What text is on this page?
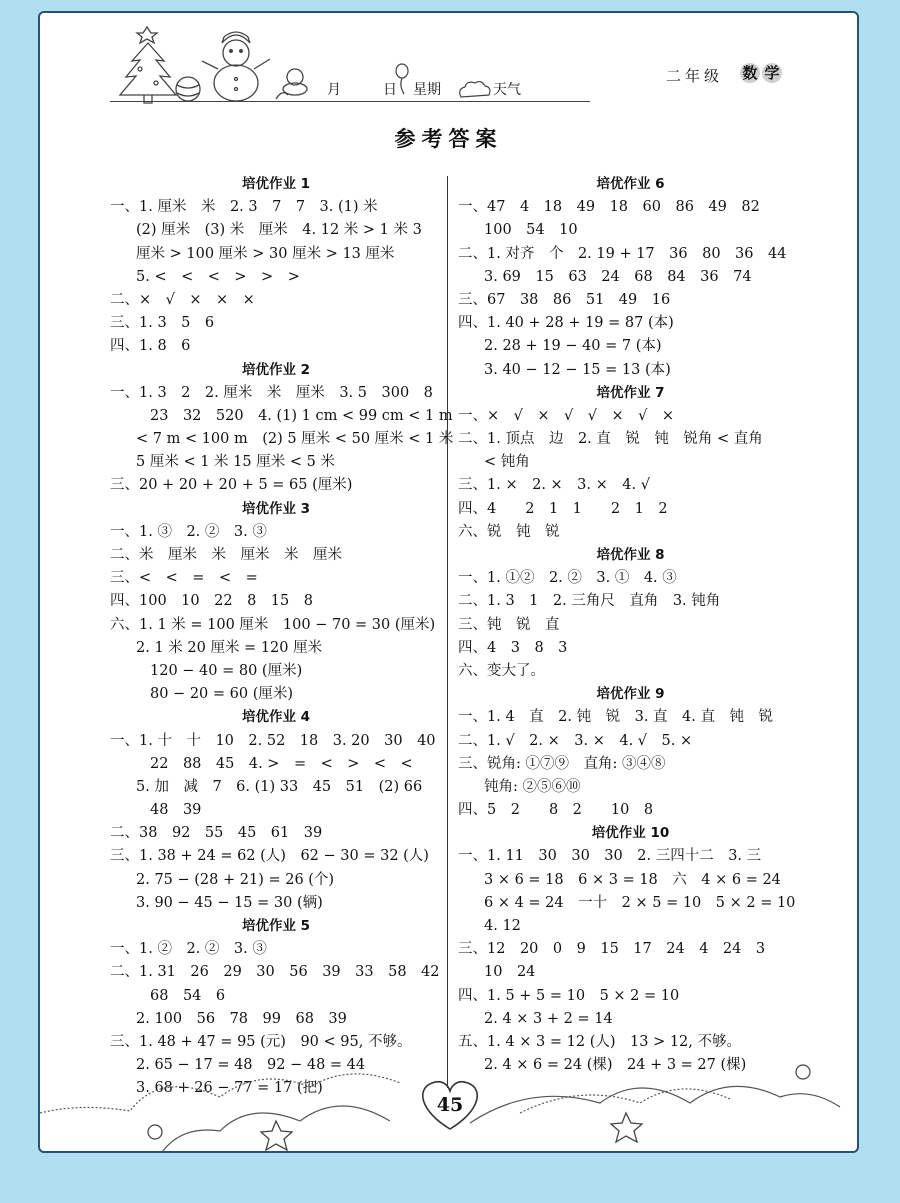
月	日	星期	天气
二年级 数 学
参考答案
培优作业 1
一、1. 厘米　米　2. 3　7　7　3. (1) 米
(2) 厘米　(3) 米　厘米　4. 12 米 > 1 米 3
厘米 > 100 厘米 > 30 厘米 > 13 厘米
5. <　<　<　>　>　>
二、×　√　×　×　×
三、1. 3　5　6
四、1. 8　6
培优作业 2
一、1. 3　2　2. 厘米　米　厘米　3. 5　300　8
23　32　520　4. (1) 1 cm < 99 cm < 1 m
< 7 m < 100 m　(2) 5 厘米 < 50 厘米 < 1 米
5 厘米 < 1 米 15 厘米 < 5 米
三、20 + 20 + 20 + 5 = 65 (厘米)
培优作业 3
一、1. ③　2. ②　3. ③
二、米　厘米　米　厘米　米　厘米
三、<　<　=　<　=
四、100　10　22　8　15　8
六、1. 1 米 = 100 厘米　100 − 70 = 30 (厘米)
2. 1 米 20 厘米 = 120 厘米
120 − 40 = 80 (厘米)
80 − 20 = 60 (厘米)
培优作业 4
一、1. 十　十　10　2. 52　18　3. 20　30　40
22　88　45　4. >　=　<　>　<　<
5. 加　减　7　6. (1) 33　45　51　(2) 66
48　39
二、38　92　55　45　61　39
三、1. 38 + 24 = 62 (人)　62 − 30 = 32 (人)
2. 75 − (28 + 21) = 26 (个)
3. 90 − 45 − 15 = 30 (辆)
培优作业 5
一、1. ②　2. ②　3. ③
二、1. 31　26　29　30　56　39　33　58　42
68　54　6
2. 100　56　78　99　68　39
三、1. 48 + 47 = 95 (元)　90 < 95, 不够。
2. 65 − 17 = 48　92 − 48 = 44
3. 68 + 26 − 77 = 17 (把)
培优作业 6
一、47　4　18　49　18　60　86　49　82
100　54　10
二、1. 对齐　个　2. 19 + 17　36　80　36　44
3. 69　15　63　24　68　84　36　74
三、67　38　86　51　49　16
四、1. 40 + 28 + 19 = 87 (本)
2. 28 + 19 − 40 = 7 (本)
3. 40 − 12 − 15 = 13 (本)
培优作业 7
一、×　√　×　√　√　×　√　×
二、1. 顶点　边　2. 直　锐　钝　锐角 < 直角
< 钝角
三、1. ×　2. ×　3. ×　4. √
四、4　　2　1　1　　2　1　2
六、锐　钝　锐
培优作业 8
一、1. ①②　2. ②　3. ①　4. ③
二、1. 3　1　2. 三角尺　直角　3. 钝角
三、钝　锐　直
四、4　3　8　3
六、变大了。
培优作业 9
一、1. 4　直　2. 钝　锐　3. 直　4. 直　钝　锐
二、1. √　2. ×　3. ×　4. √　5. ×
三、锐角: ①⑦⑨　直角: ③④⑧
钝角: ②⑤⑥⑩
四、5　2　　8　2　　10　8
培优作业 10
一、1. 11　30　30　30　2. 三四十二　3. 三
3 × 6 = 18　6 × 3 = 18　六　4 × 6 = 24
6 × 4 = 24　一十　2 × 5 = 10　5 × 2 = 10
4. 12
三、12　20　0　9　15　17　24　4　24　3
10　24
四、1. 5 + 5 = 10　5 × 2 = 10
2. 4 × 3 + 2 = 14
五、1. 4 × 3 = 12 (人)　13 > 12, 不够。
2. 4 × 6 = 24 (棵)　24 + 3 = 27 (棵)
45
